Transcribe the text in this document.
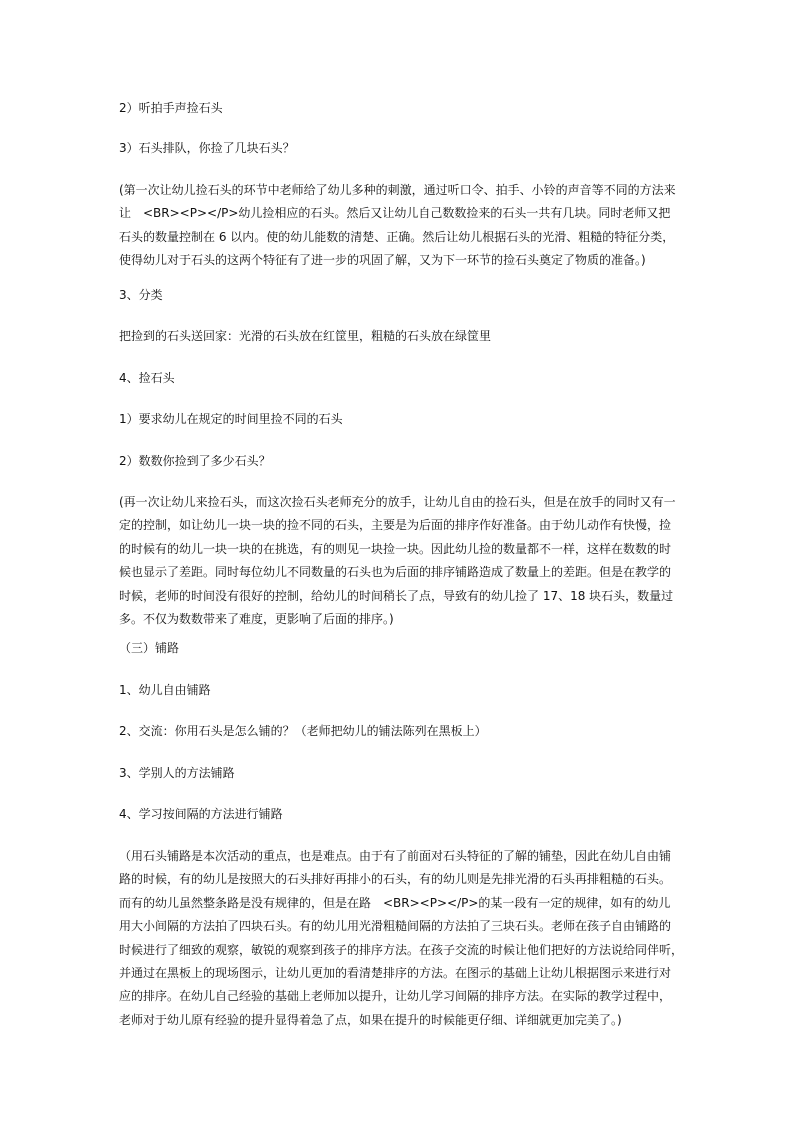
2）听拍手声捡石头
3）石头排队，你捡了几块石头？
(第一次让幼儿捡石头的环节中老师给了幼儿多种的刺激，通过听口令、拍手、小铃的声音等不同的方法来
让　<BR><P></P>幼儿捡相应的石头。然后又让幼儿自己数数捡来的石头一共有几块。同时老师又把
石头的数量控制在 6 以内。使的幼儿能数的清楚、正确。然后让幼儿根据石头的光滑、粗糙的特征分类，
使得幼儿对于石头的这两个特征有了进一步的巩固了解，又为下一环节的捡石头奠定了物质的准备。)
3、分类
把捡到的石头送回家：光滑的石头放在红筐里，粗糙的石头放在绿筐里
4、捡石头
1）要求幼儿在规定的时间里捡不同的石头
2）数数你捡到了多少石头？
(再一次让幼儿来捡石头，而这次捡石头老师充分的放手，让幼儿自由的捡石头，但是在放手的同时又有一
定的控制，如让幼儿一块一块的捡不同的石头，主要是为后面的排序作好准备。由于幼儿动作有快慢，捡
的时候有的幼儿一块一块的在挑选，有的则见一块捡一块。因此幼儿捡的数量都不一样，这样在数数的时
候也显示了差距。同时每位幼儿不同数量的石头也为后面的排序铺路造成了数量上的差距。但是在教学的
时候，老师的时间没有很好的控制，给幼儿的时间稍长了点，导致有的幼儿捡了 17、18 块石头，数量过
多。不仅为数数带来了难度，更影响了后面的排序。)
（三）铺路
1、幼儿自由铺路
2、交流：你用石头是怎么铺的？（老师把幼儿的铺法陈列在黑板上）
3、学别人的方法铺路
4、学习按间隔的方法进行铺路
（用石头铺路是本次活动的重点，也是难点。由于有了前面对石头特征的了解的铺垫，因此在幼儿自由铺
路的时候，有的幼儿是按照大的石头排好再排小的石头，有的幼儿则是先排光滑的石头再排粗糙的石头。
而有的幼儿虽然整条路是没有规律的，但是在路　<BR><P></P>的某一段有一定的规律，如有的幼儿
用大小间隔的方法拍了四块石头。有的幼儿用光滑粗糙间隔的方法拍了三块石头。老师在孩子自由铺路的
时候进行了细致的观察，敏锐的观察到孩子的排序方法。在孩子交流的时候让他们把好的方法说给同伴听，
并通过在黑板上的现场图示，让幼儿更加的看清楚排序的方法。在图示的基础上让幼儿根据图示来进行对
应的排序。在幼儿自己经验的基础上老师加以提升，让幼儿学习间隔的排序方法。在实际的教学过程中，
老师对于幼儿原有经验的提升显得着急了点，如果在提升的时候能更仔细、详细就更加完美了。)
